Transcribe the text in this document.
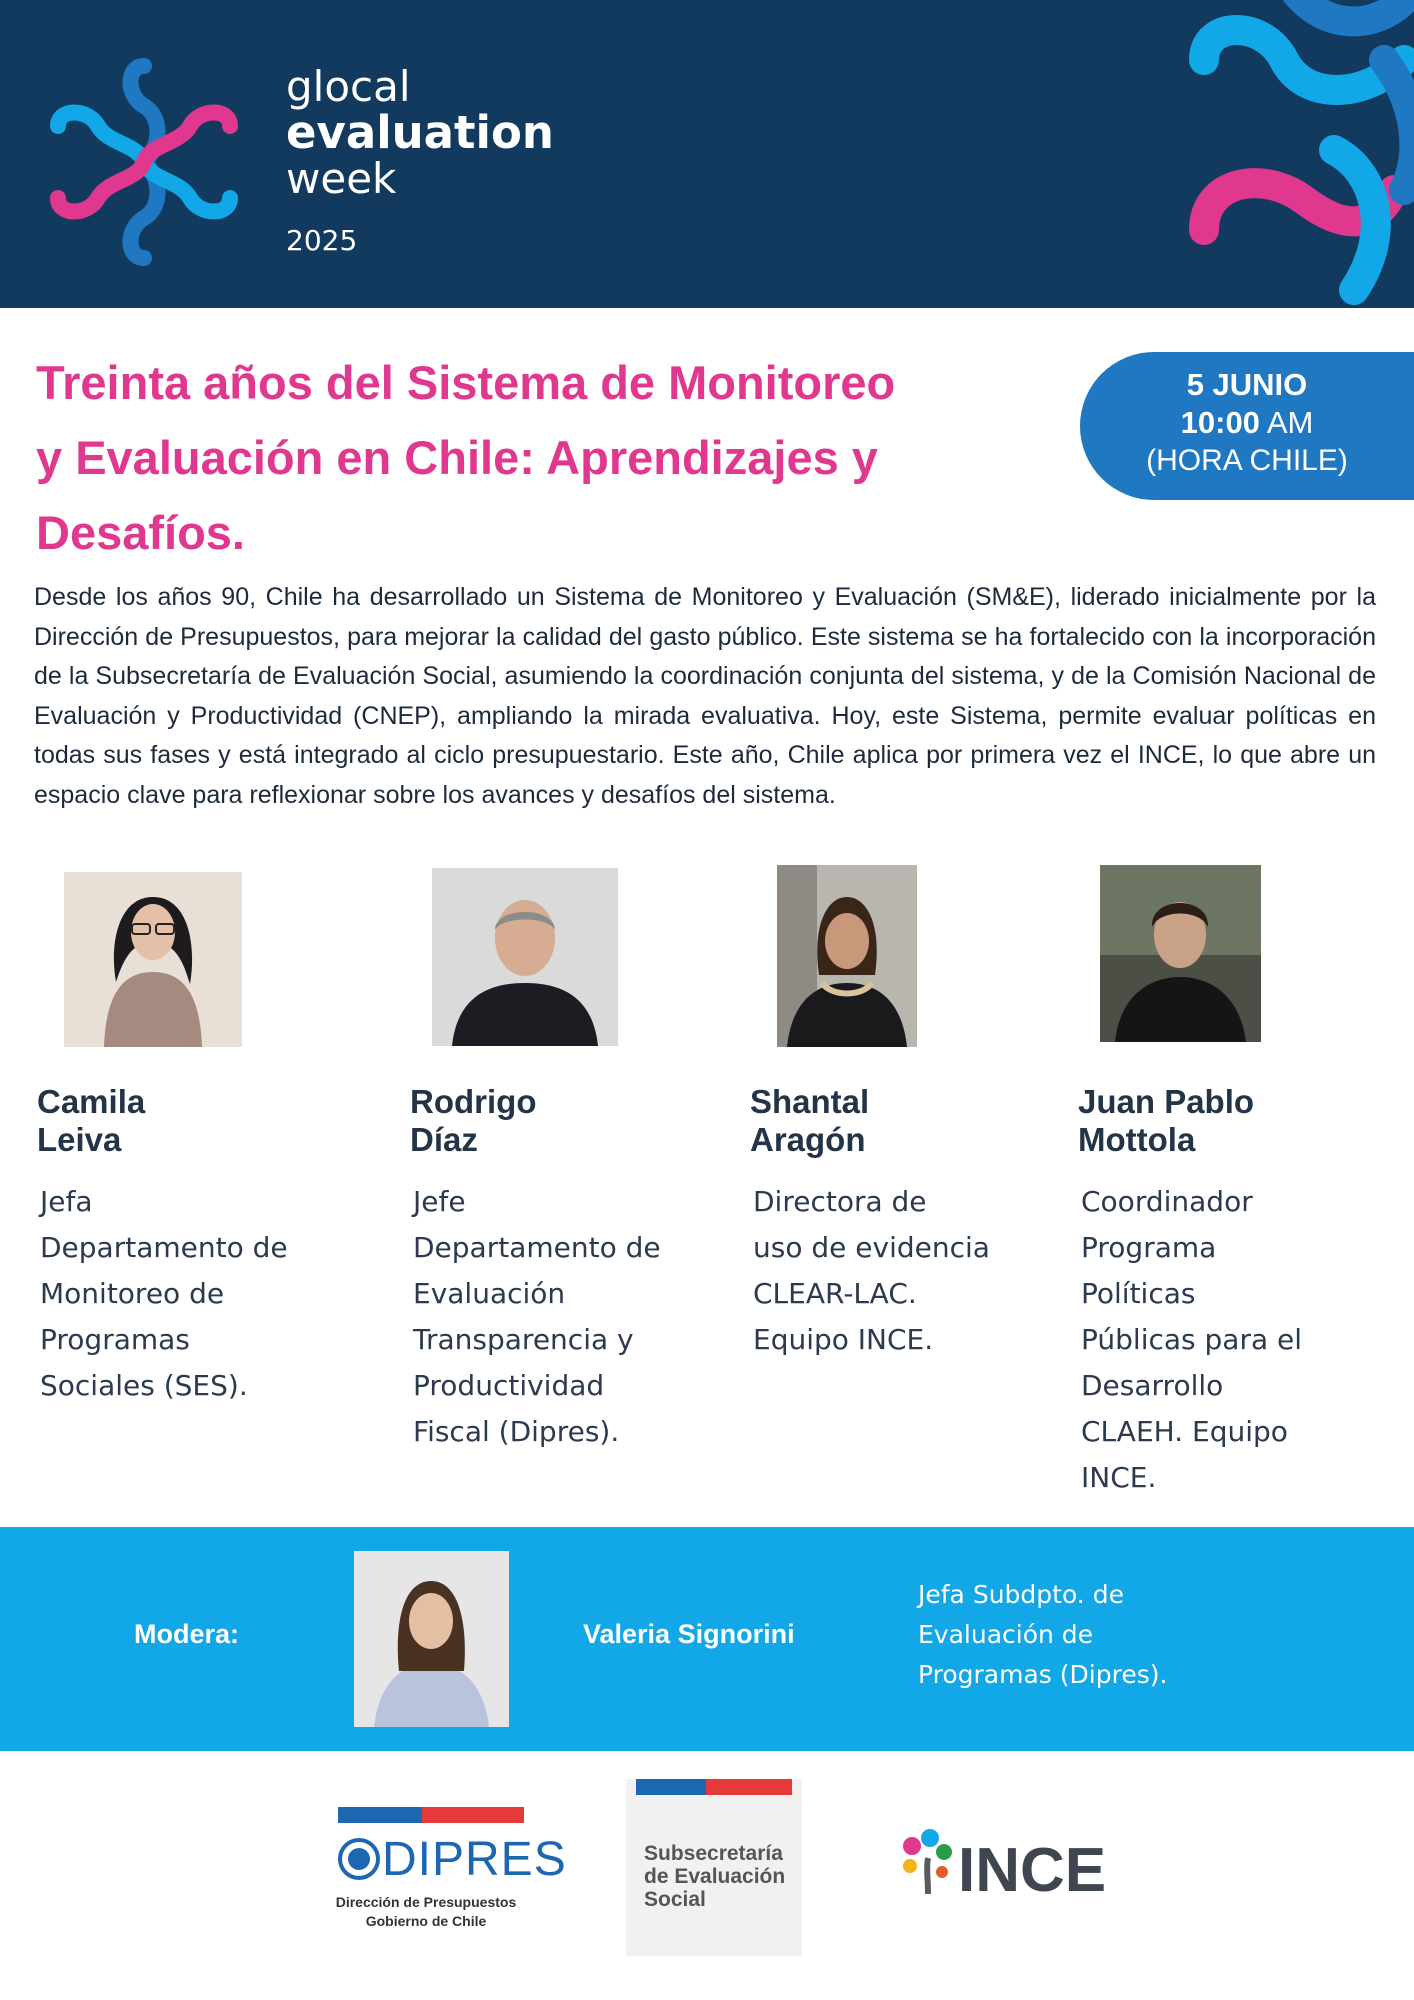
glocal
evaluation
week
2025
Treinta años del Sistema de Monitoreo
y Evaluación en Chile: Aprendizajes y
Desafíos.
5 JUNIO
10:00 AM
(HORA CHILE)
Desde los años 90, Chile ha desarrollado un Sistema de Monitoreo y Evaluación (SM&E), liderado inicialmente por la Dirección de Presupuestos, para mejorar la calidad del gasto público. Este sistema se ha fortalecido con la incorporación de la Subsecretaría de Evaluación Social, asumiendo la coordinación conjunta del sistema, y de la Comisión Nacional de Evaluación y Productividad (CNEP), ampliando la mirada evaluativa. Hoy, este Sistema, permite evaluar políticas en todas sus fases y está integrado al ciclo presupuestario. Este año, Chile aplica por primera vez el INCE, lo que abre un espacio clave para reflexionar sobre los avances y desafíos del sistema.
Camila
Leiva
Rodrigo
Díaz
Shantal
Aragón
Juan Pablo
Mottola
Jefa
Departamento de
Monitoreo de
Programas
Sociales (SES).
Jefe
Departamento de
Evaluación
Transparencia y
Productividad
Fiscal (Dipres).
Directora de
uso de evidencia
CLEAR-LAC.
Equipo INCE.
Coordinador
Programa
Políticas
Públicas para el
Desarrollo
CLAEH. Equipo
INCE.
Modera:	Valeria Signorini
Jefa Subdpto. de
Evaluación de
Programas (Dipres).
DIPRES
Dirección de Presupuestos
Gobierno de Chile
Subsecretaría
de Evaluación
Social	INCE
